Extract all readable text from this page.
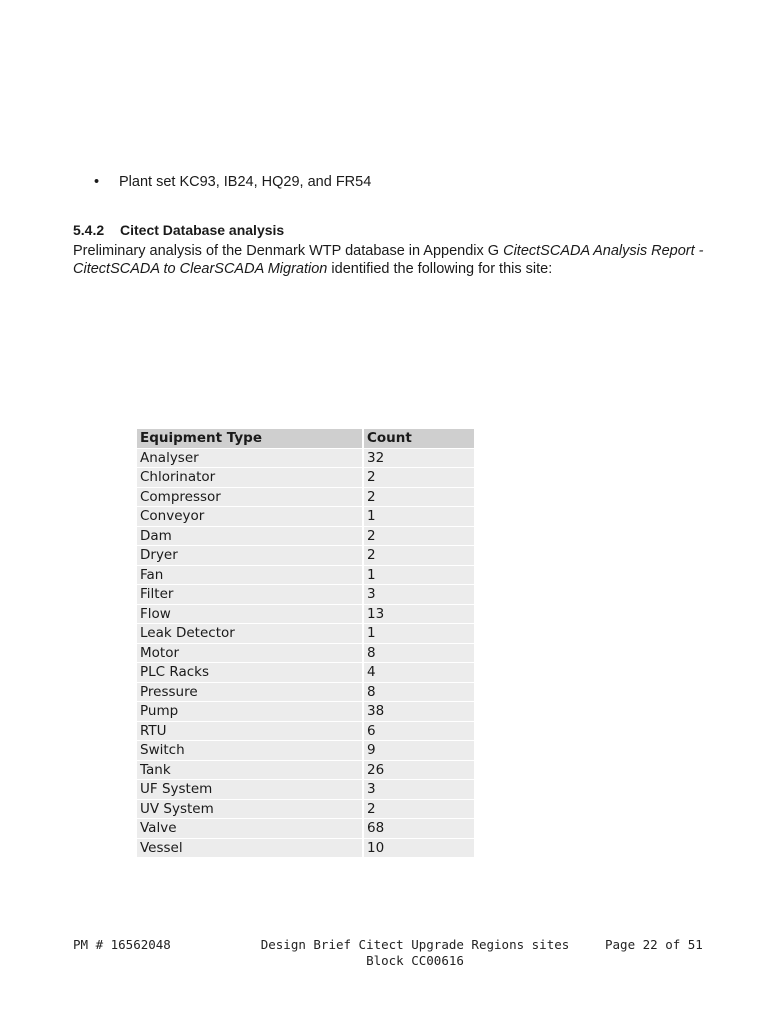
• Plant set KC93, IB24, HQ29, and FR54
5.4.2 Citect Database analysis
Preliminary analysis of the Denmark WTP database in Appendix G CitectSCADA Analysis Report - CitectSCADA to ClearSCADA Migration identified the following for this site:
Equipment Type	Count
Analyser	32
Chlorinator	2
Compressor	2
Conveyor	1
Dam	2
Dryer	2
Fan	1
Filter	3
Flow	13
Leak Detector	1
Motor	8
PLC Racks	4
Pressure	8
Pump	38
RTU	6
Switch	9
Tank	26
UF System	3
UV System	2
Valve	68
Vessel	10
PM # 16562048	Design Brief Citect Upgrade Regions sites
Block CC00616
Page 22 of 51
